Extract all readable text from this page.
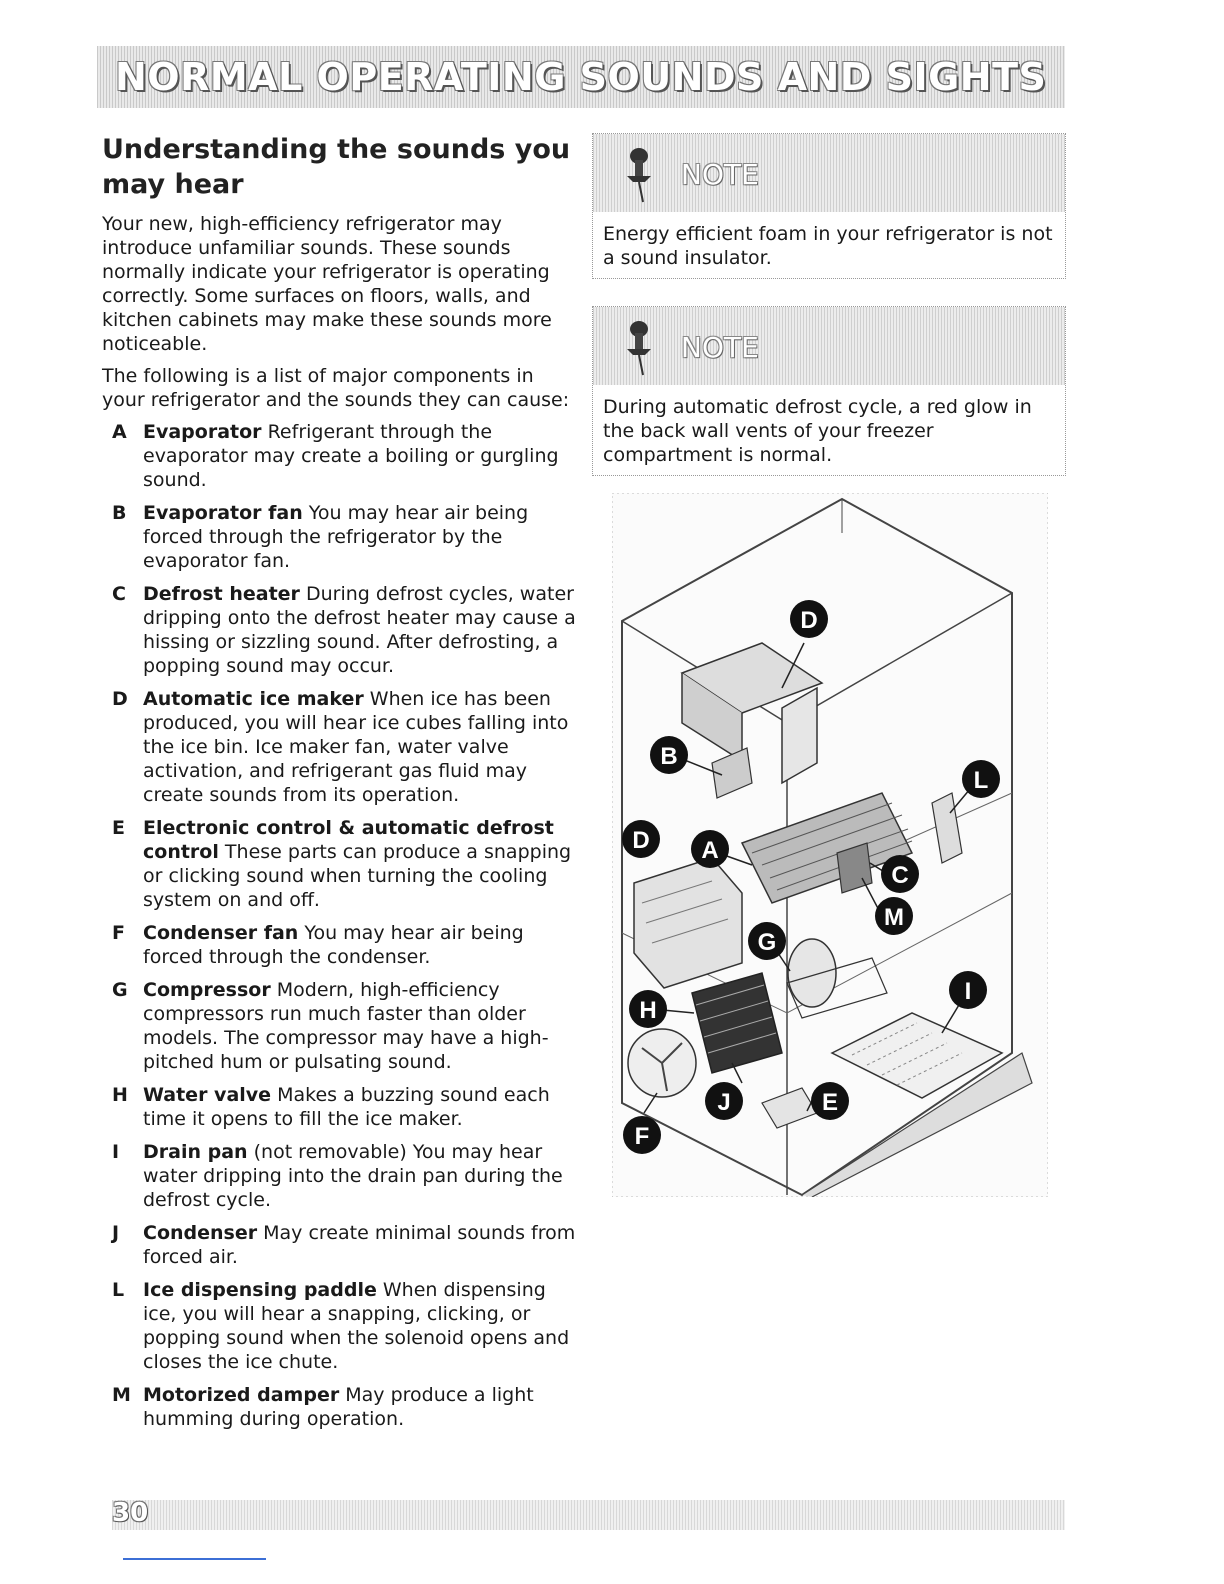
NORMAL OPERATING SOUNDS AND SIGHTS
Understanding the sounds you may hear

Your new, high-efficiency refrigerator may introduce unfamiliar sounds. These sounds normally indicate your refrigerator is operating correctly. Some surfaces on floors, walls, and kitchen cabinets may make these sounds more noticeable.

The following is a list of major components in your refrigerator and the sounds they can cause:

A Evaporator Refrigerant through the evaporator may create a boiling or gurgling sound.
B Evaporator fan You may hear air being forced through the refrigerator by the evaporator fan.
C Defrost heater During defrost cycles, water dripping onto the defrost heater may cause a hissing or sizzling sound. After defrosting, a popping sound may occur.
D Automatic ice maker When ice has been produced, you will hear ice cubes falling into the ice bin. Ice maker fan, water valve activation, and refrigerant gas fluid may create sounds from its operation.
E Electronic control & automatic defrost control These parts can produce a snapping or clicking sound when turning the cooling system on and off.
F Condenser fan You may hear air being forced through the condenser.
G Compressor Modern, high-efficiency compressors run much faster than older models. The compressor may have a high-pitched hum or pulsating sound.
H Water valve Makes a buzzing sound each time it opens to fill the ice maker.
I Drain pan (not removable) You may hear water dripping into the drain pan during the defrost cycle.
J Condenser May create minimal sounds from forced air.
L Ice dispensing paddle When dispensing ice, you will hear a snapping, clicking, or popping sound when the solenoid opens and closes the ice chute.
M Motorized damper May produce a light humming during operation.
NOTE
Energy efficient foam in your refrigerator is not a sound insulator.
NOTE
During automatic defrost cycle, a red glow in the back wall vents of your freezer compartment is normal.
D
B
L
D A
C
M
G
H
I
E
J
F
30
